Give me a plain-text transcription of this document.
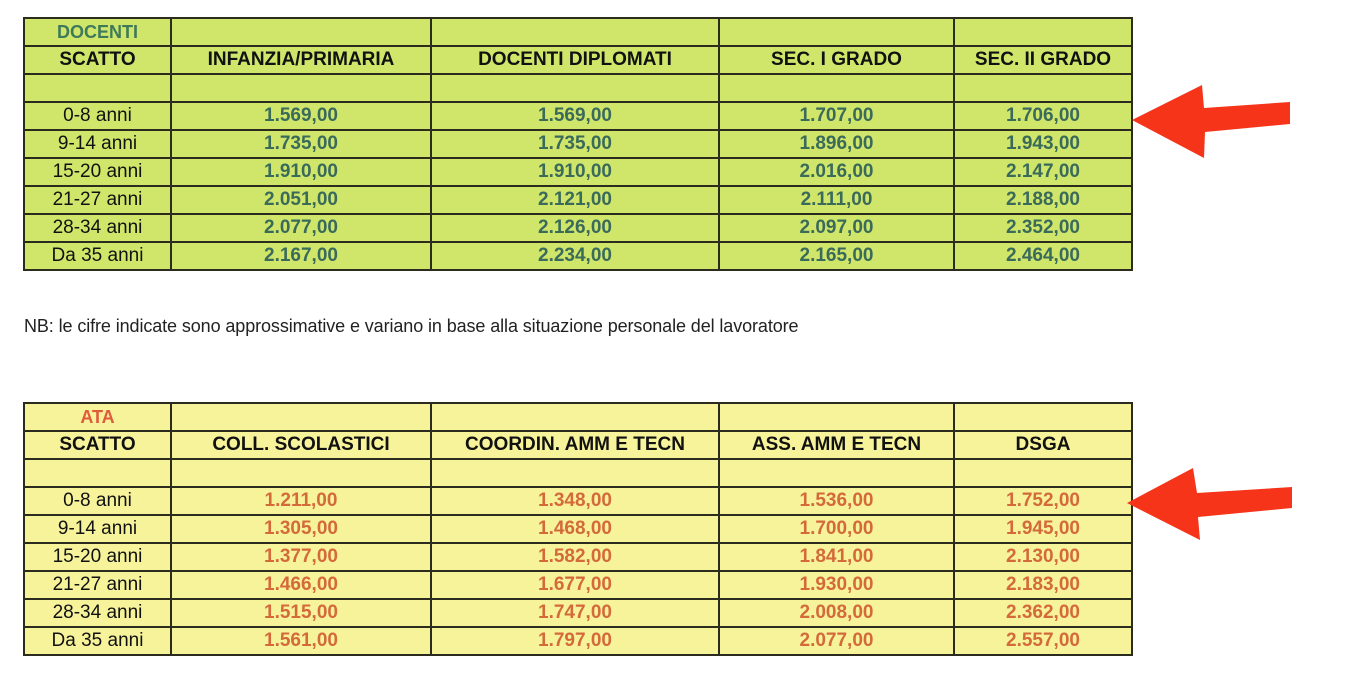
DOCENTI				
SCATTO	INFANZIA/PRIMARIA	DOCENTI DIPLOMATI	SEC. I GRADO	SEC. II GRADO

0-8 anni	1.569,00	1.569,00	1.707,00	1.706,00
9-14 anni	1.735,00	1.735,00	1.896,00	1.943,00
15-20 anni	1.910,00	1.910,00	2.016,00	2.147,00
21-27 anni	2.051,00	2.121,00	2.111,00	2.188,00
28-34 anni	2.077,00	2.126,00	2.097,00	2.352,00
Da 35 anni	2.167,00	2.234,00	2.165,00	2.464,00
NB: le cifre indicate sono approssimative e variano in base alla situazione personale del lavoratore
ATA				
SCATTO	COLL. SCOLASTICI	COORDIN. AMM E TECN	ASS. AMM E TECN	DSGA

0-8 anni	1.211,00	1.348,00	1.536,00	1.752,00
9-14 anni	1.305,00	1.468,00	1.700,00	1.945,00
15-20 anni	1.377,00	1.582,00	1.841,00	2.130,00
21-27 anni	1.466,00	1.677,00	1.930,00	2.183,00
28-34 anni	1.515,00	1.747,00	2.008,00	2.362,00
Da 35 anni	1.561,00	1.797,00	2.077,00	2.557,00
